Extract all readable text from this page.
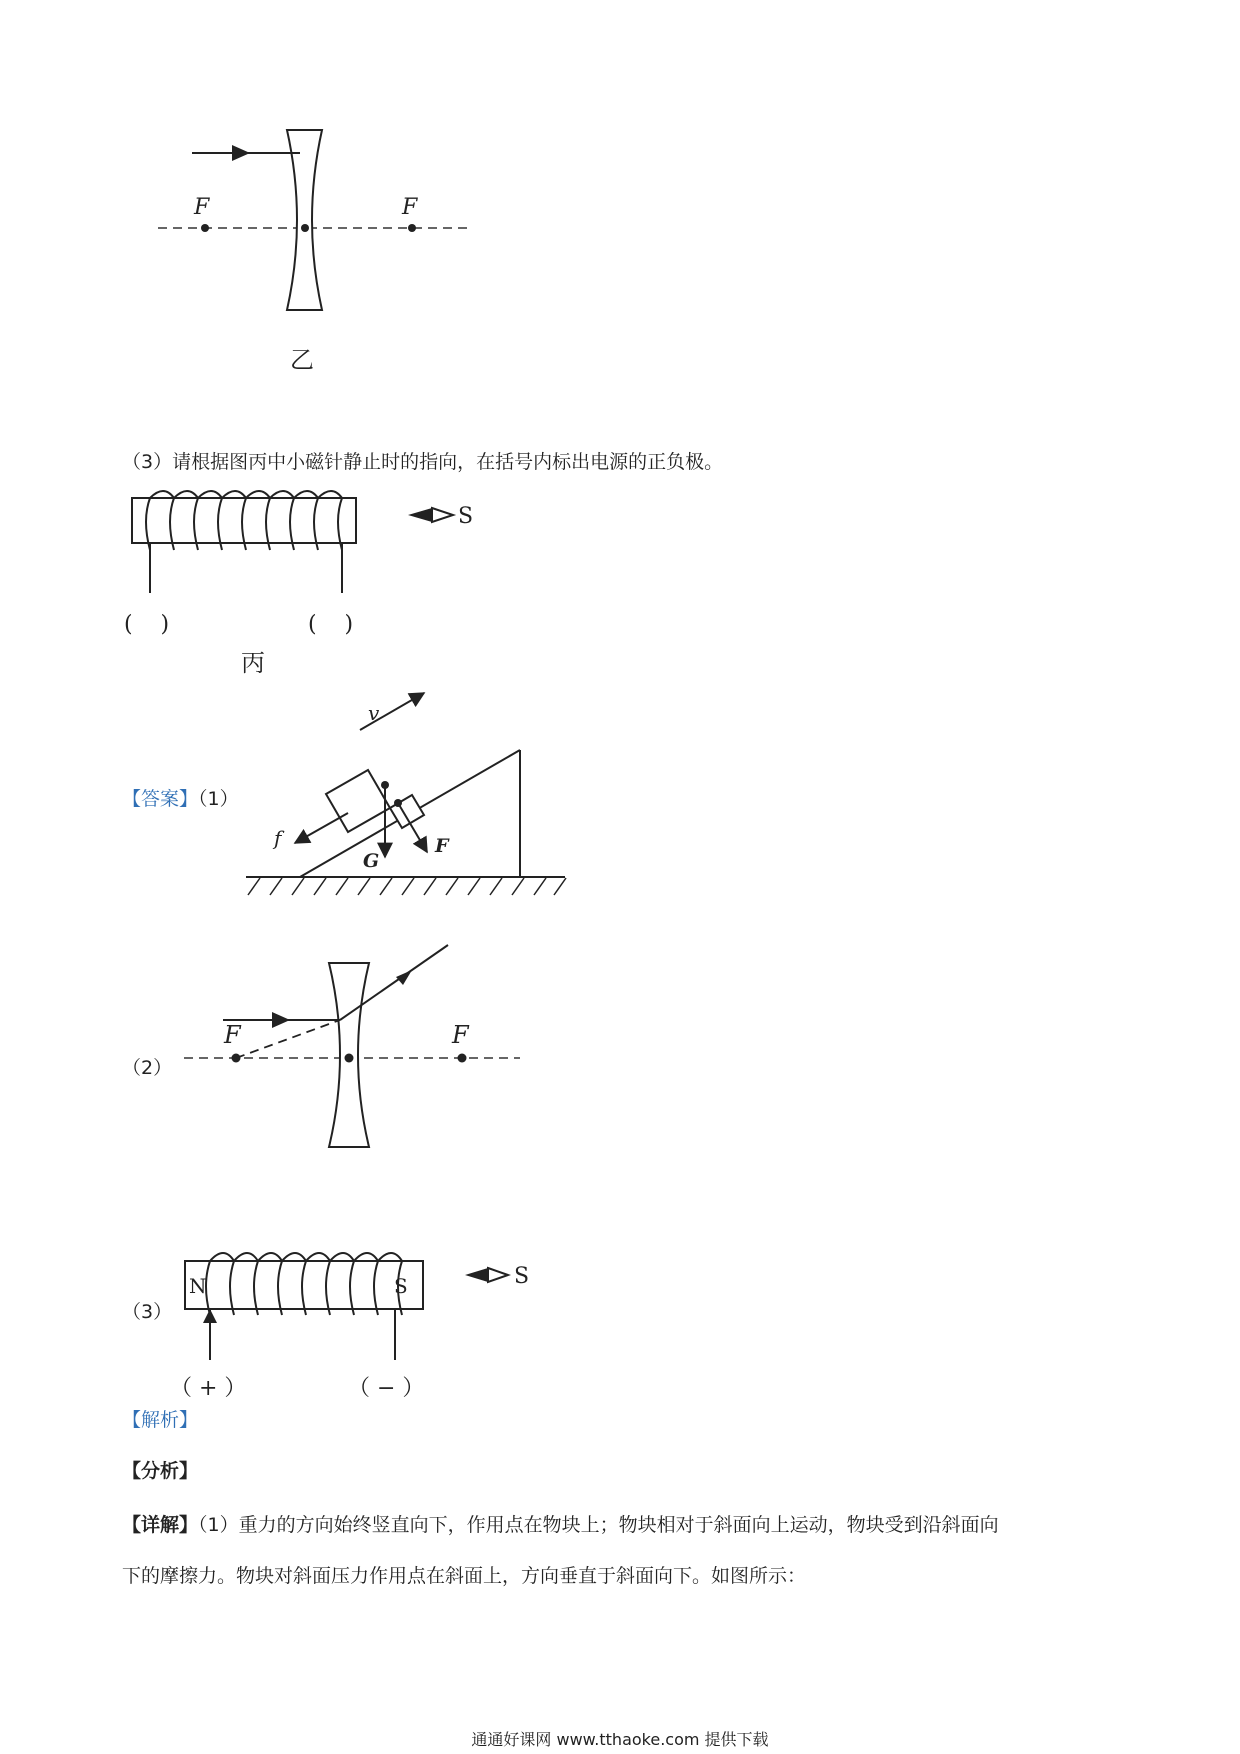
F	F
乙
（3）请根据图丙中小磁针静止时的指向，在括号内标出电源的正负极。
S
(    )	(    )
丙
【答案】（1）
v
G
f	F
（2）
F	F
（3）
N	S	S
（ + ）	（ − ）
【解析】
【分析】
【详解】（1）重力的方向始终竖直向下，作用点在物块上；物块相对于斜面向上运动，物块受到沿斜面向
下的摩擦力。物块对斜面压力作用点在斜面上，方向垂直于斜面向下。如图所示：
通通好课网 www.tthaoke.com 提供下载
